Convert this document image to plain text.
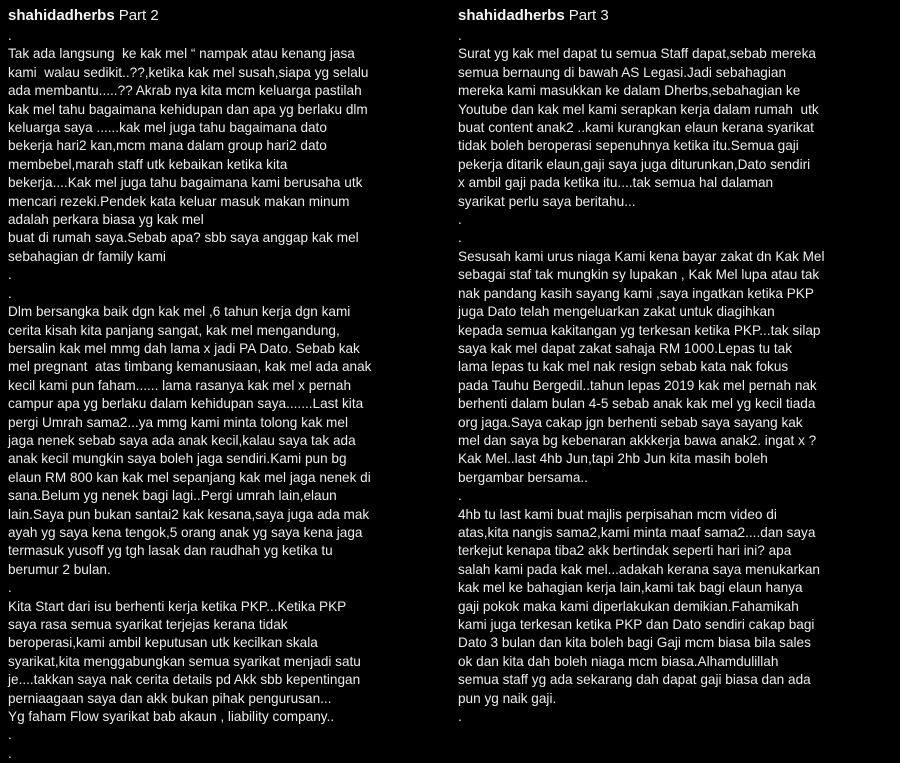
shahidadherbs Part 2
.
Tak ada langsung  ke kak mel “ nampak atau kenang jasa
kami  walau sedikit..??,ketika kak mel susah,siapa yg selalu
ada membantu.....?? Akrab nya kita mcm keluarga pastilah
kak mel tahu bagaimana kehidupan dan apa yg berlaku dlm
keluarga saya ......kak mel juga tahu bagaimana dato
bekerja hari2 kan,mcm mana dalam group hari2 dato
membebel,marah staff utk kebaikan ketika kita
bekerja....Kak mel juga tahu bagaimana kami berusaha utk
mencari rezeki.Pendek kata keluar masuk makan minum
adalah perkara biasa yg kak mel
buat di rumah saya.Sebab apa? sbb saya anggap kak mel
sebahagian dr family kami
.
.
Dlm bersangka baik dgn kak mel ,6 tahun kerja dgn kami
cerita kisah kita panjang sangat, kak mel mengandung,
bersalin kak mel mmg dah lama x jadi PA Dato. Sebab kak
mel pregnant  atas timbang kemanusiaan, kak mel ada anak
kecil kami pun faham...... lama rasanya kak mel x pernah
campur apa yg berlaku dalam kehidupan saya.......Last kita
pergi Umrah sama2...ya mmg kami minta tolong kak mel
jaga nenek sebab saya ada anak kecil,kalau saya tak ada
anak kecil mungkin saya boleh jaga sendiri.Kami pun bg
elaun RM 800 kan kak mel sepanjang kak mel jaga nenek di
sana.Belum yg nenek bagi lagi..Pergi umrah lain,elaun
lain.Saya pun bukan santai2 kak kesana,saya juga ada mak
ayah yg saya kena tengok,5 orang anak yg saya kena jaga
termasuk yusoff yg tgh lasak dan raudhah yg ketika tu
berumur 2 bulan.
.
Kita Start dari isu berhenti kerja ketika PKP...Ketika PKP
saya rasa semua syarikat terjejas kerana tidak
beroperasi,kami ambil keputusan utk kecilkan skala
syarikat,kita menggabungkan semua syarikat menjadi satu
je....takkan saya nak cerita details pd Akk sbb kepentingan
perniaagaan saya dan akk bukan pihak pengurusan...
Yg faham Flow syarikat bab akaun , liability company..
.
.
shahidadherbs Part 3
.
Surat yg kak mel dapat tu semua Staff dapat,sebab mereka
semua bernaung di bawah AS Legasi.Jadi sebahagian
mereka kami masukkan ke dalam Dherbs,sebahagian ke
Youtube dan kak mel kami serapkan kerja dalam rumah  utk
buat content anak2 ..kami kurangkan elaun kerana syarikat
tidak boleh beroperasi sepenuhnya ketika itu.Semua gaji
pekerja ditarik elaun,gaji saya juga diturunkan,Dato sendiri
x ambil gaji pada ketika itu....tak semua hal dalaman
syarikat perlu saya beritahu...
.
.
Sesusah kami urus niaga Kami kena bayar zakat dn Kak Mel
sebagai staf tak mungkin sy lupakan , Kak Mel lupa atau tak
nak pandang kasih sayang kami ,saya ingatkan ketika PKP
juga Dato telah mengeluarkan zakat untuk diagihkan
kepada semua kakitangan yg terkesan ketika PKP...tak silap
saya kak mel dapat zakat sahaja RM 1000.Lepas tu tak
lama lepas tu kak mel nak resign sebab kata nak fokus
pada Tauhu Bergedil..tahun lepas 2019 kak mel pernah nak
berhenti dalam bulan 4-5 sebab anak kak mel yg kecil tiada
org jaga.Saya cakap jgn berhenti sebab saya sayang kak
mel dan saya bg kebenaran akkkerja bawa anak2. ingat x ?
Kak Mel..last 4hb Jun,tapi 2hb Jun kita masih boleh
bergambar bersama..
.
4hb tu last kami buat majlis perpisahan mcm video di
atas,kita nangis sama2,kami minta maaf sama2....dan saya
terkejut kenapa tiba2 akk bertindak seperti hari ini? apa
salah kami pada kak mel...adakah kerana saya menukarkan
kak mel ke bahagian kerja lain,kami tak bagi elaun hanya
gaji pokok maka kami diperlakukan demikian.Fahamikah
kami juga terkesan ketika PKP dan Dato sendiri cakap bagi
Dato 3 bulan dan kita boleh bagi Gaji mcm biasa bila sales
ok dan kita dah boleh niaga mcm biasa.Alhamdulillah
semua staff yg ada sekarang dah dapat gaji biasa dan ada
pun yg naik gaji.
.
